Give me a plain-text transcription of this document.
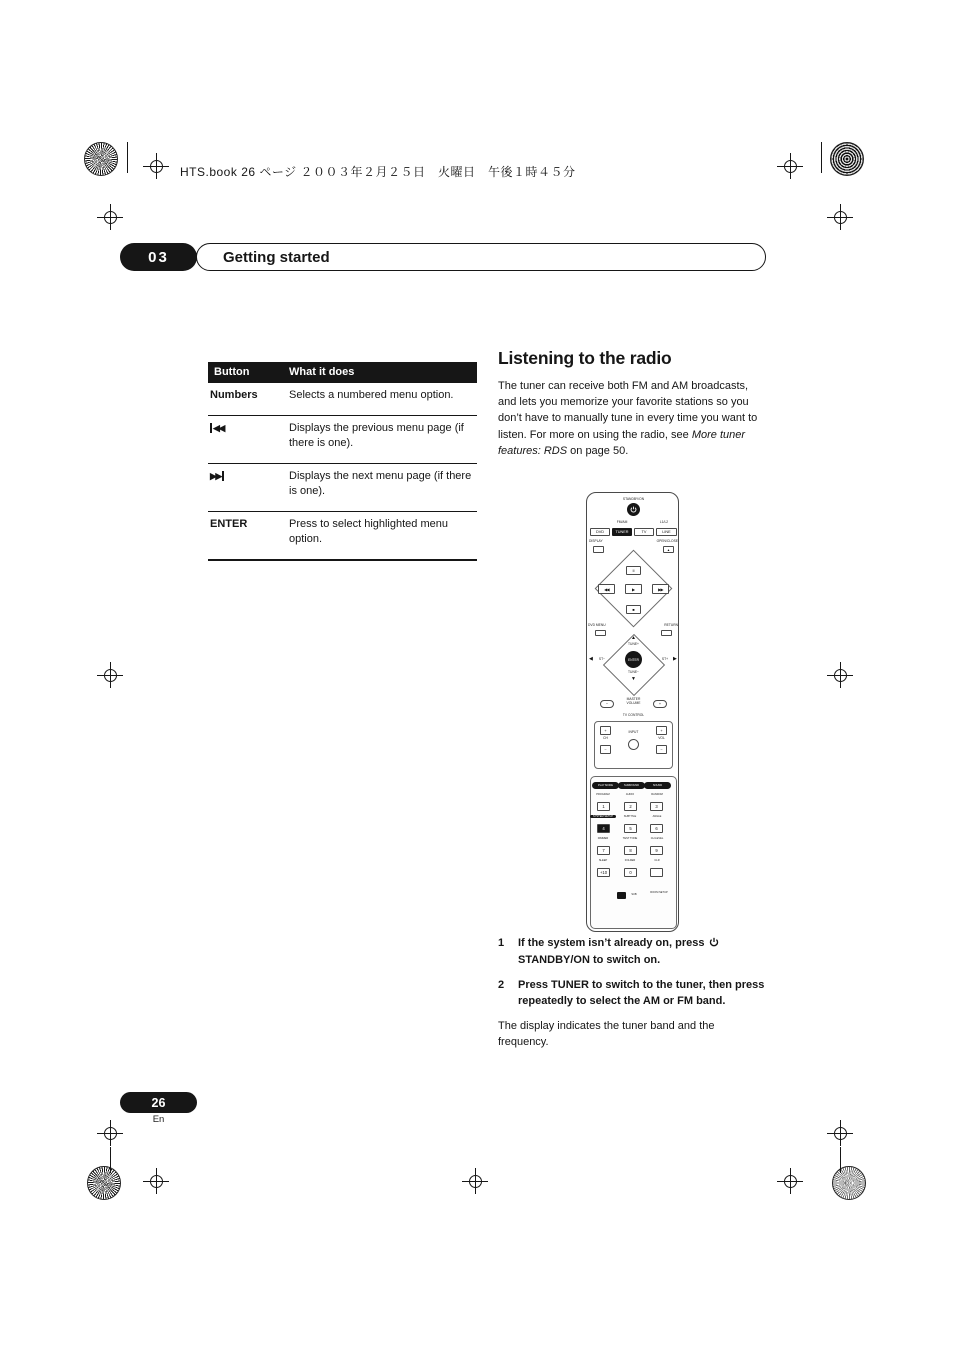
HTS.book 26 ページ ２００３年２月２５日　火曜日　午後１時４５分
03	Getting started
Button	What it does
Numbers	Selects a numbered menu option.
◀◀	Displays the previous menu page (if there is one).
▶▶	Displays the next menu page (if there is one).
ENTER	Press to select highlighted menu option.
Listening to the radio

The tuner can receive both FM and AM broadcasts, and lets you memorize your favorite stations so you don’t have to manually tune in every time you want to listen. For more on using the radio, see More tuner features: RDS on page 50.

STANDBY/ON
FM/AM	L1/L2
DVD	TUNER	TV	LINE
DISPLAY	OPEN/CLOSE
▲
II
◀◀	▶	▶▶
■
DVD MENU	RETURN
▲
TUNE+
ENTER
TUNE−
▼
◀	ST−	ST+ ▶
−
MASTER
VOLUME	+
TV CONTROL
+
CH
−
INPUT	+
VOL
−
PLAY MODE	SURROUND	SOUND
PROGRAM	AUDIO	RANDOM
1	2	3
SYSTEM SETUP	SUBTITLE	ANGLE
4	5	6
DIMMER	TEST TONE	CH LEVEL
7	8	9
SLEEP	FOLDER	CLR
+10	0
SUB
ROOM SETUP
1	If the system isn’t already on, press  STANDBY/ON to switch on.
2	Press TUNER to switch to the tuner, then press repeatedly to select the AM or FM band.

The display indicates the tuner band and the frequency.

26
En
